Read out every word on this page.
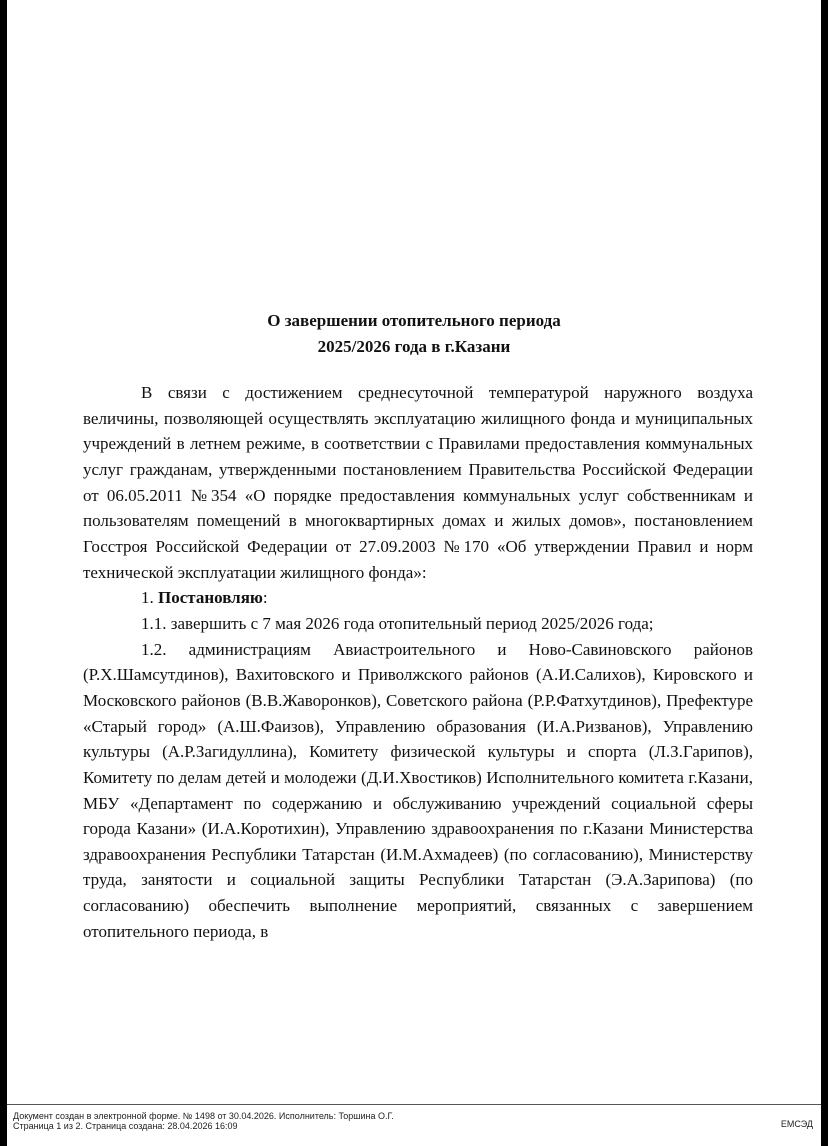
О завершении отопительного периода
2025/2026 года в г.Казани

В связи с достижением среднесуточной температурой наружного воздуха величины, позволяющей осуществлять эксплуатацию жилищного фонда и муниципальных учреждений в летнем режиме, в соответствии с Правилами предоставления коммунальных услуг гражданам, утвержденными постановлением Правительства Российской Федерации от 06.05.2011 №354 «О порядке предоставления коммунальных услуг собственникам и пользователям помещений в многоквартирных домах и жилых домов», постановлением Госстроя Российской Федерации от 27.09.2003 №170 «Об утверждении Правил и норм технической эксплуатации жилищного фонда»:

1. Постановляю:

1.1. завершить с 7 мая 2026 года отопительный период 2025/2026 года;

1.2. администрациям Авиастроительного и Ново-Савиновского районов (Р.Х.Шамсутдинов), Вахитовского и Приволжского районов (А.И.Салихов), Кировского и Московского районов (В.В.Жаворонков), Советского района (Р.Р.Фатхутдинов), Префектуре «Старый город» (А.Ш.Фаизов), Управлению образования (И.А.Ризванов), Управлению культуры (А.Р.Загидуллина), Комитету физической культуры и спорта (Л.З.Гарипов), Комитету по делам детей и молодежи (Д.И.Хвостиков) Исполнительного комитета г.Казани, МБУ «Департамент по содержанию и обслуживанию учреждений социальной сферы города Казани» (И.А.Коротихин), Управлению здравоохранения по г.Казани Министерства здравоохранения Республики Татарстан (И.М.Ахмадеев) (по согласованию), Министерству труда, занятости и социальной защиты Республики Татарстан (Э.А.Зарипова) (по согласованию) обеспечить выполнение мероприятий, связанных с завершением отопительного периода, в

Документ создан в электронной форме. № 1498 от 30.04.2026. Исполнитель: Торшина О.Г.
Страница 1 из 2. Страница создана: 28.04.2026 16:09	ЕМСЭД
